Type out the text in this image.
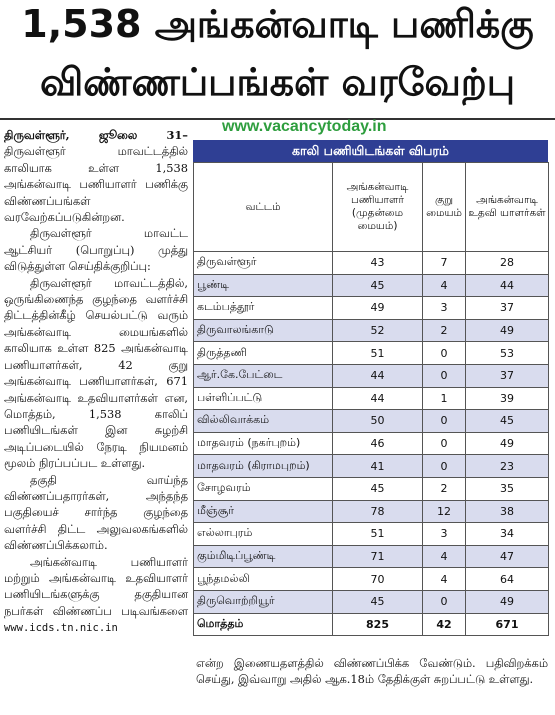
1,538 அங்கன்வாடி பணிக்கு
விண்ணப்பங்கள் வரவேற்பு
www.vacancytoday.in

திருவள்ளூர், ஜூலை 31– திருவள்ளூர் மாவட்டத்தில் காலியாக உள்ள 1,538 அங்கன்வாடி பணியாளர் பணிக்கு விண்ணப்பங்கள் வரவேற்கப்படுகின்றன.

திருவள்ளூர் மாவட்ட ஆட்சியர் (பொறுப்பு) முத்து விடுத்துள்ள செய்திக்குறிப்பு:

திருவள்ளூர் மாவட்டத்தில், ஒருங்கிணைந்த குழந்தை வளர்ச்சி திட்டத்தின்கீழ் செயல்பட்டு வரும் அங்கன்வாடி மையங்களில் காலியாக உள்ள 825 அங்கன்வாடி பணியாளர்கள், 42 குறு அங்கன்வாடி பணியாளர்கள், 671 அங்கன்வாடி உதவியாளர்கள் என, மொத்தம், 1,538 காலிப் பணியிடங்கள் இன சுழற்சி அடிப்படையில் நேரடி நியமனம் மூலம் நிரப்பப்பட உள்ளது.

தகுதி வாய்ந்த விண்ணப்பதாரர்கள், அந்தந்த பகுதியைச் சார்ந்த குழந்தை வளர்ச்சி திட்ட அலுவலகங்களில் விண்ணப்பிக்கலாம்.

அங்கன்வாடி பணியாளர் மற்றும் அங்கன்வாடி உதவியாளர் பணியிடங்களுக்கு தகுதியான நபர்கள் விண்ணப்ப படிவங்களை www.icds.tn.nic.in

காலி பணியிடங்கள் விபரம்
வட்டம்	அங்கன்வாடி பணியாளர் (முதன்மை மையம்)	குறு மையம்	அங்கன்வாடி உதவி யாளர்கள்
திருவள்ளூர்	43	7	28
பூண்டி	45	4	44
கடம்பத்தூர்	49	3	37
திருவாலங்காடு	52	2	49
திருத்தணி	51	0	53
ஆர்.கே.பேட்டை	44	0	37
பள்ளிப்பட்டு	44	1	39
வில்லிவாக்கம்	50	0	45
மாதவரம் (நகர்புறம்)	46	0	49
மாதவரம் (கிராமபுறம்)	41	0	23
சோழவரம்	45	2	35
மீஞ்சூர்	78	12	38
எல்லாபுரம்	51	3	34
கும்மிடிப்பூண்டி	71	4	47
பூந்தமல்லி	70	4	64
திருவொற்றியூர்	45	0	49
மொத்தம்	825	42	671
என்ற இணையதளத்தில் விண்ணப்பிக்க வேண்டும். பதிவிறக்கம் செய்து, இவ்வாறு அதில் ஆக.18ம் தேதிக்குள் சுறப்பட்டு உள்ளது.
